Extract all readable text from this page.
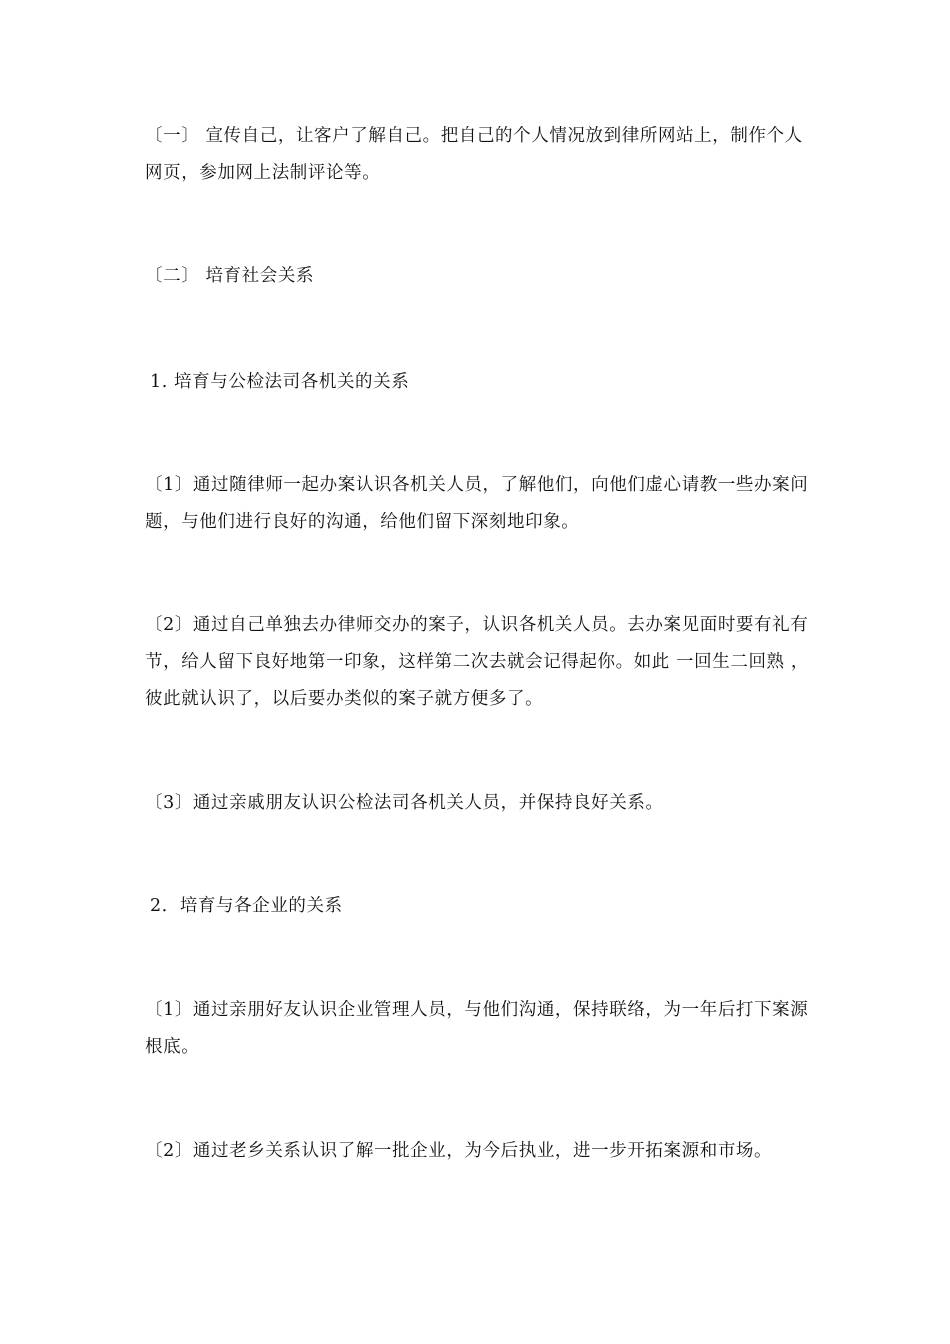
〔一〕 宣传自己，让客户了解自己。把自己的个人情况放到律所网站上，制作个人网页，参加网上法制评论等。

〔二〕 培育社会关系

1. 培育与公检法司各机关的关系

〔1〕通过随律师一起办案认识各机关人员，了解他们，向他们虚心请教一些办案问题，与他们进行良好的沟通，给他们留下深刻地印象。

〔2〕通过自己单独去办律师交办的案子，认识各机关人员。去办案见面时要有礼有节，给人留下良好地第一印象，这样第二次去就会记得起你。如此 一回生二回熟 ，彼此就认识了，以后要办类似的案子就方便多了。

〔3〕通过亲戚朋友认识公检法司各机关人员，并保持良好关系。

2．培育与各企业的关系

〔1〕通过亲朋好友认识企业管理人员，与他们沟通，保持联络，为一年后打下案源根底。

〔2〕通过老乡关系认识了解一批企业，为今后执业，进一步开拓案源和市场。
